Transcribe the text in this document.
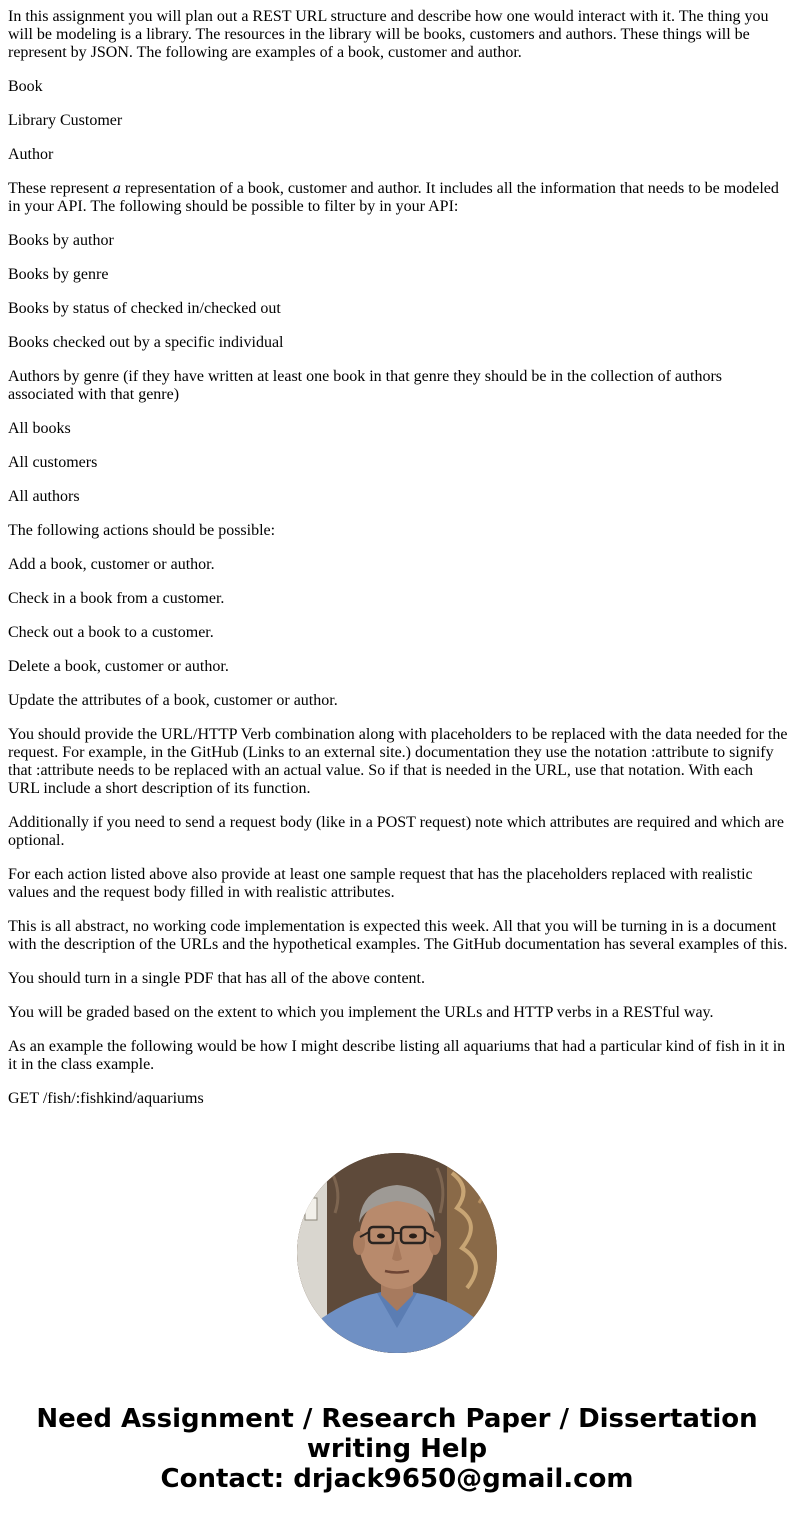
In this assignment you will plan out a REST URL structure and describe how one would interact with it. The thing you will be modeling is a library. The resources in the library will be books, customers and authors. These things will be represent by JSON. The following are examples of a book, customer and author.

Book

Library Customer

Author

These represent a representation of a book, customer and author. It includes all the information that needs to be modeled in your API. The following should be possible to filter by in your API:

Books by author

Books by genre

Books by status of checked in/checked out

Books checked out by a specific individual

Authors by genre (if they have written at least one book in that genre they should be in the collection of authors associated with that genre)

All books

All customers

All authors

The following actions should be possible:

Add a book, customer or author.

Check in a book from a customer.

Check out a book to a customer.

Delete a book, customer or author.

Update the attributes of a book, customer or author.

You should provide the URL/HTTP Verb combination along with placeholders to be replaced with the data needed for the request. For example, in the GitHub (Links to an external site.) documentation they use the notation :attribute to signify that :attribute needs to be replaced with an actual value. So if that is needed in the URL, use that notation. With each URL include a short description of its function.

Additionally if you need to send a request body (like in a POST request) note which attributes are required and which are optional.

For each action listed above also provide at least one sample request that has the placeholders replaced with realistic values and the request body filled in with realistic attributes.

This is all abstract, no working code implementation is expected this week. All that you will be turning in is a document with the description of the URLs and the hypothetical examples. The GitHub documentation has several examples of this.

You should turn in a single PDF that has all of the above content.

You will be graded based on the extent to which you implement the URLs and HTTP verbs in a RESTful way.

As an example the following would be how I might describe listing all aquariums that had a particular kind of fish in it in it in the class example.

GET /fish/:fishkind/aquariums

Need Assignment / Research Paper / Dissertation
writing Help
Contact: drjack9650@gmail.com
